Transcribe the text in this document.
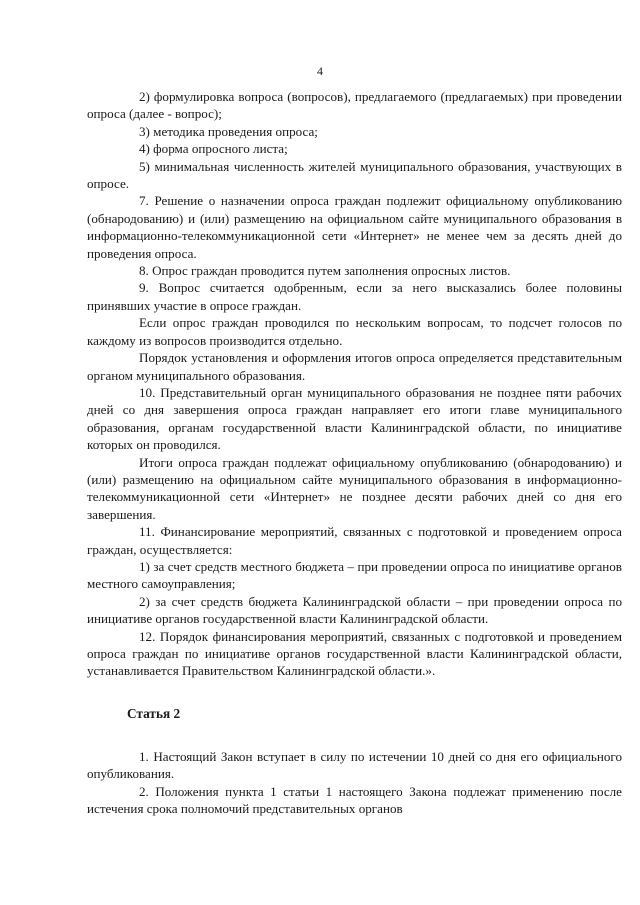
4

2) формулировка вопроса (вопросов), предлагаемого (предлагаемых) при проведении опроса (далее - вопрос);

3) методика проведения опроса;

4) форма опросного листа;

5) минимальная численность жителей муниципального образования, участвующих в опросе.

7. Решение о назначении опроса граждан подлежит официальному опубликованию (обнародованию) и (или) размещению на официальном сайте муниципального образования в информационно-телекоммуникационной сети «Интернет» не менее чем за десять дней до проведения опроса.

8. Опрос граждан проводится путем заполнения опросных листов.

9. Вопрос считается одобренным, если за него высказались более половины принявших участие в опросе граждан.

Если опрос граждан проводился по нескольким вопросам, то подсчет голосов по каждому из вопросов производится отдельно.

Порядок установления и оформления итогов опроса определяется представительным органом муниципального образования.

10. Представительный орган муниципального образования не позднее пяти рабочих дней со дня завершения опроса граждан направляет его итоги главе муниципального образования, органам государственной власти Калининградской области, по инициативе которых он проводился.

Итоги опроса граждан подлежат официальному опубликованию (обнародованию) и (или) размещению на официальном сайте муниципального образования в информационно-телекоммуникационной сети «Интернет» не позднее десяти рабочих дней со дня его завершения.

11. Финансирование мероприятий, связанных с подготовкой и проведением опроса граждан, осуществляется:

1) за счет средств местного бюджета – при проведении опроса по инициативе органов местного самоуправления;

2) за счет средств бюджета Калининградской области – при проведении опроса по инициативе органов государственной власти Калининградской области.

12. Порядок финансирования мероприятий, связанных с подготовкой и проведением опроса граждан по инициативе органов государственной власти Калининградской области, устанавливается Правительством Калининградской области.».

Статья 2

1. Настоящий Закон вступает в силу по истечении 10 дней со дня его официального опубликования.

2. Положения пункта 1 статьи 1 настоящего Закона подлежат применению после истечения срока полномочий представительных органов
